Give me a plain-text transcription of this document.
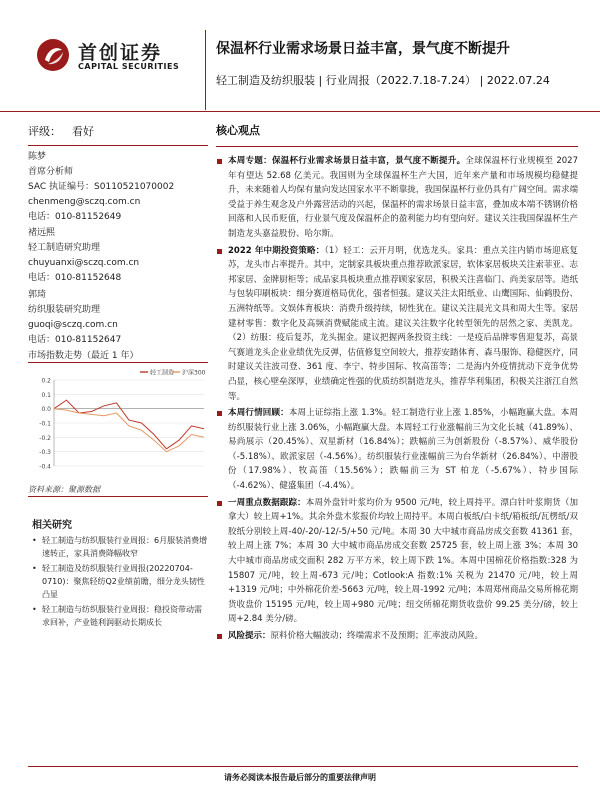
首创证券
CAPITAL SECURITIES
保温杯行业需求场景日益丰富，景气度不断提升
轻工制造及纺织服装 | 行业周报（2022.7.18-7.24） | 2022.07.24
评级： 看好
陈梦
首席分析师
SAC 执证编号：S0110521070002
chenmeng@sczq.com.cn
电话：010-81152649
褚远熙
轻工制造研究助理
chuyuanxi@sczq.com.cn
电话：010-81152648
郭琦
纺织服装研究助理
guoqi@sczq.com.cn
电话：010-81152647
市场指数走势（最近 1 年）
0.2
0.1
0.0
-0.1
-0.2
-0.3
-0.4
轻工制造 沪深300
资料来源：聚源数据
相关研究
• 轻工制造与纺织服装行业周报：6月服装消费增速转正，家具消费降幅收窄
• 轻工制造及纺织服装行业周报(20220704-0710)：聚焦轻纺Q2业绩前瞻，细分龙头韧性凸显
• 轻工制造与纺织服装行业周报：稳投资带动需求回补，产业链利润驱动长期成长
核心观点
本周专题：保温杯行业需求场景日益丰富，景气度不断提升。全球保温杯行业规模至 2027 年有望达 52.68 亿美元。我国则为全球保温杯生产大国，近年来产量和市场规模均稳健提升，未来随着人均保有量向发达国家水平不断靠拢，我国保温杯行业仍具有广阔空间。需求端受益于养生观念及户外露营活动的兴起，保温杯的需求场景日益丰富，叠加成本端不锈钢价格回落和人民币贬值，行业景气度及保温杯企的盈利能力均有望向好。建议关注我国保温杯生产制造龙头嘉益股份、哈尔斯。
2022 年中期投资策略：（1）轻工：云开月明，优选龙头。家具：重点关注内销市场迎底复苏，龙头市占率提升。其中，定制家具板块重点推荐欧派家居，软体家居板块关注索菲亚、志邦家居、金牌厨柜等；成品家具板块重点推荐顾家家居，积极关注喜临门、尚美家居等。造纸与包装印刷板块：细分赛道格局优化，强者恒强。建议关注太阳纸业、山鹰国际、仙鹤股份、五洲特纸等。文娱体育板块：消费升级持续，韧性犹在。建议关注晨光文具和周大生等。家居建材零售：数字化及高频消费赋能成主流。建议关注数字化转型领先的居然之家、美凯龙。（2）纺服：疫后复苏，龙头掘金。建议把握两条投资主线：一是疫后品牌零售迎复苏，高景气赛道龙头企业业绩优先反弹，估值修复空间较大，推荐安踏体育、森马服饰、稳健医疗，同时建议关注波司登、361 度、李宁、特步国际、牧高笛等；二是海内外疫情扰动下竞争优势凸显，核心壁垒深厚，业绩确定性强的优质纺织制造龙头，推荐华利集团，积极关注浙江自然等。
本周行情回顾：本周上证综指上涨 1.3%。轻工制造行业上涨 1.85%，小幅跑赢大盘。本周纺织服装行业上涨 3.06%，小幅跑赢大盘。本周轻工行业涨幅前三为文化长城（41.89%）、易尚展示（20.45%）、双星新材（16.84%）；跌幅前三为创新股份（-8.57%）、威华股份（-5.18%）、欧派家居（-4.56%）。纺织服装行业涨幅前三为台华新材（26.84%）、中潜股份（17.98%）、牧高笛（15.56%）；跌幅前三为 ST 柏龙（-5.67%）、特步国际（-4.62%）、健盛集团（-4.4%）。
一周重点数据跟踪：本周外盘针叶浆均价为 9500 元/吨，较上周持平。漂白针叶浆期货（加拿大）较上周+1%。其余外盘木浆报价均较上周持平。本周白板纸/白卡纸/箱板纸/瓦楞纸/双胶纸分别较上周-40/-20/-12/-5/+50 元/吨。本周 30 大中城市商品房成交套数 41361 套，较上周上涨 7%；本周 30 大中城市商品房成交套数 25725 套，较上周上涨 3%；本周 30 大中城市商品房成交面积 282 万平方米，较上周下跌 1%。本周中国棉花价格指数:328 为 15807 元/吨，较上周-673 元/吨；Cotlook:A 指数:1% 关税为 21470 元/吨，较上周+1319 元/吨；中外棉花价差-5663 元/吨，较上周-1992 元/吨；本周郑州商品交易所棉花期货收盘价 15195 元/吨，较上周+980 元/吨；纽交所棉花期货收盘价 99.25 美分/磅，较上周+2.84 美分/磅。
风险提示：原料价格大幅波动；终端需求不及预期；汇率波动风险。
请务必阅读本报告最后部分的重要法律声明
